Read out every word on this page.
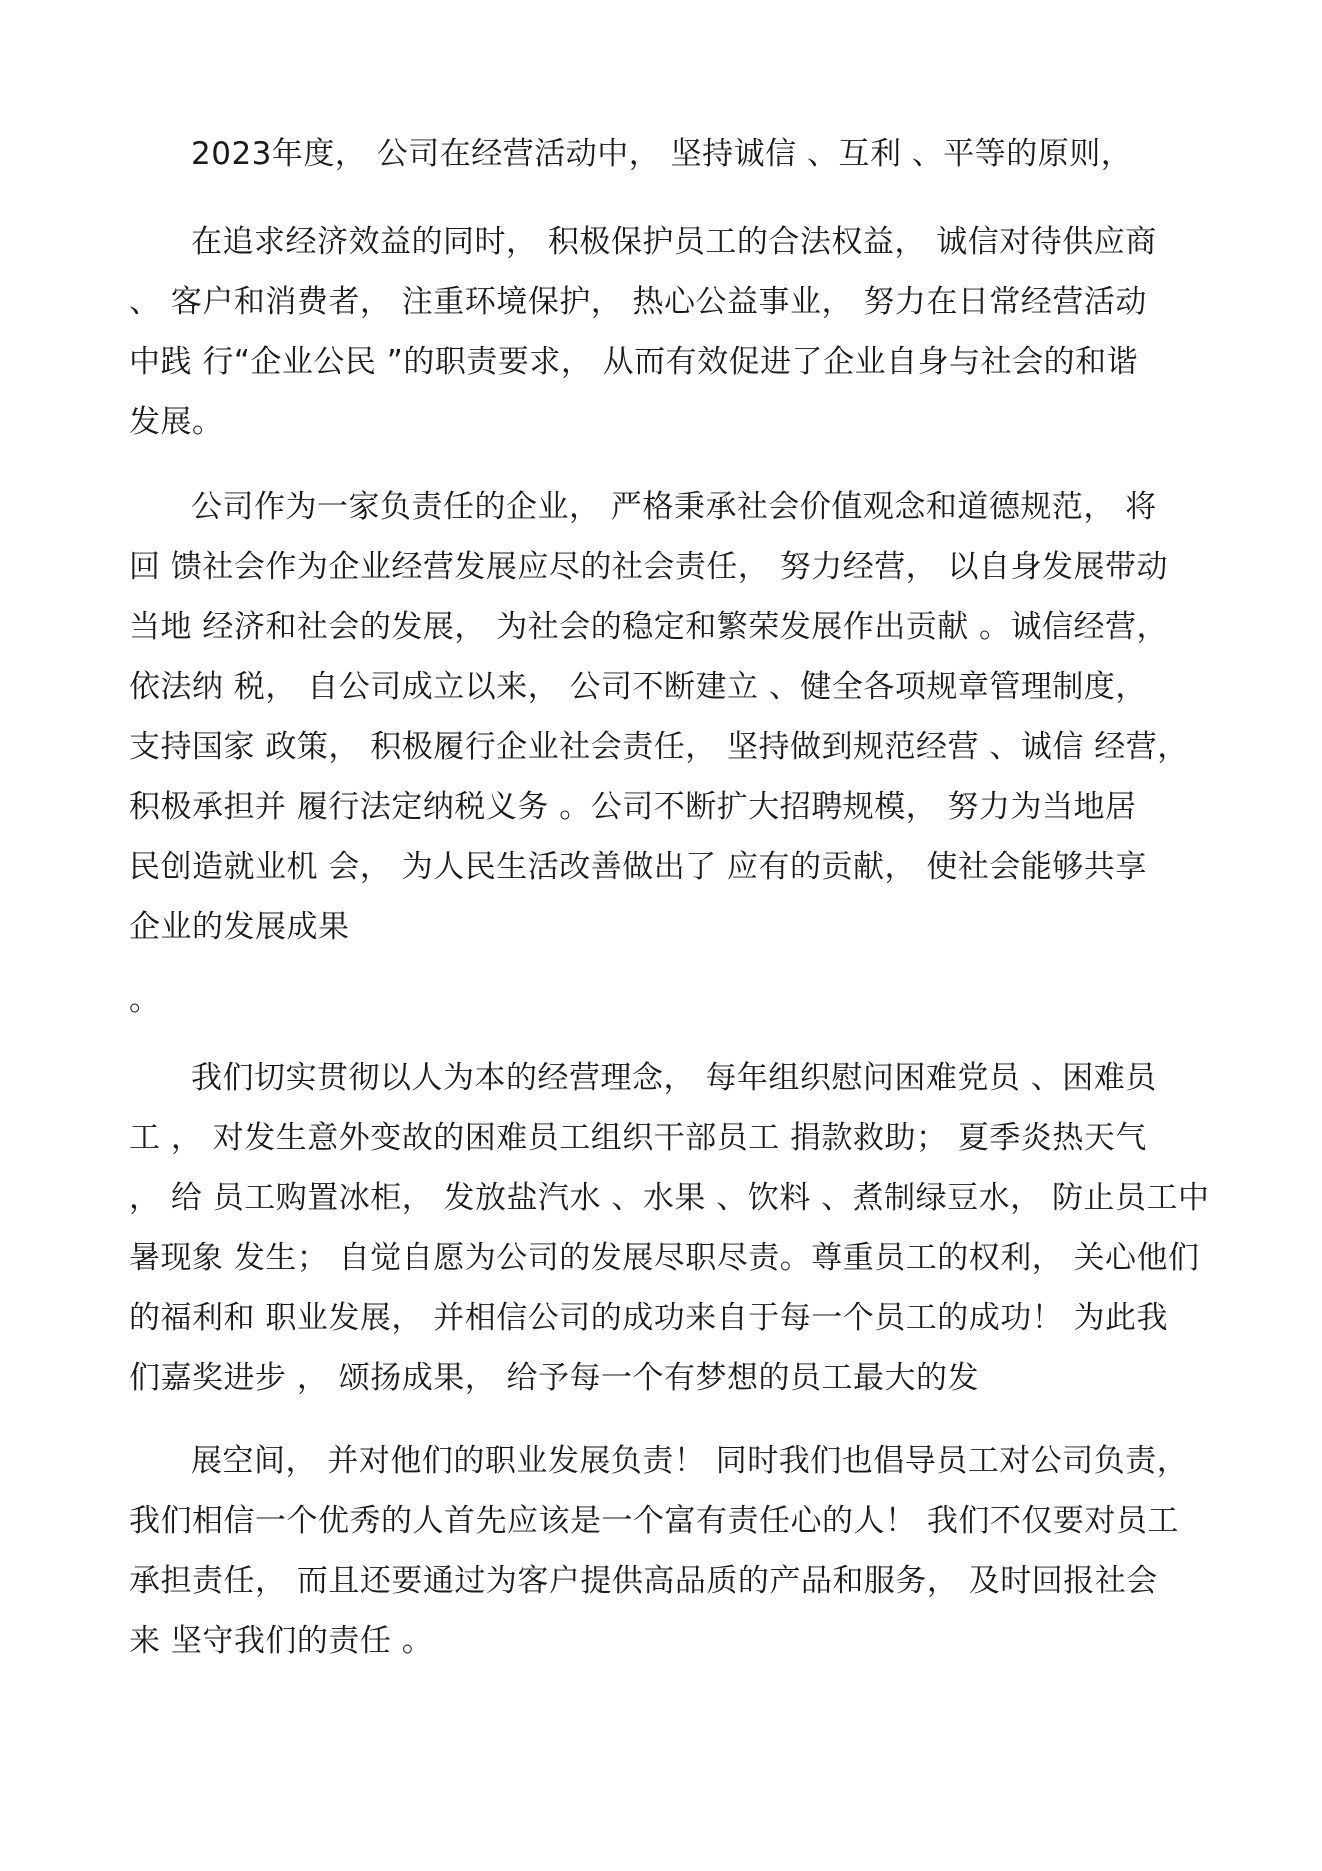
2023年度， 公司在经营活动中， 坚持诚信 、互利 、平等的原则，

在追求经济效益的同时， 积极保护员工的合法权益， 诚信对待供应商
、 客户和消费者， 注重环境保护， 热心公益事业， 努力在日常经营活动
中践 行“企业公民 ”的职责要求， 从而有效促进了企业自身与社会的和谐
发展。

公司作为一家负责任的企业， 严格秉承社会价值观念和道德规范， 将
回 馈社会作为企业经营发展应尽的社会责任， 努力经营， 以自身发展带动
当地 经济和社会的发展， 为社会的稳定和繁荣发展作出贡献 。诚信经营，
依法纳 税， 自公司成立以来， 公司不断建立 、健全各项规章管理制度，
支持国家 政策， 积极履行企业社会责任， 坚持做到规范经营 、诚信 经营，
积极承担并 履行法定纳税义务 。公司不断扩大招聘规模， 努力为当地居
民创造就业机 会， 为人民生活改善做出了 应有的贡献， 使社会能够共享
企业的发展成果

。

我们切实贯彻以人为本的经营理念， 每年组织慰问困难党员 、困难员
工 ， 对发生意外变故的困难员工组织干部员工 捐款救助； 夏季炎热天气
， 给 员工购置冰柜， 发放盐汽水 、水果 、饮料 、煮制绿豆水， 防止员工中
暑现象 发生； 自觉自愿为公司的发展尽职尽责。尊重员工的权利， 关心他们
的福利和 职业发展， 并相信公司的成功来自于每一个员工的成功！ 为此我
们嘉奖进步 ， 颂扬成果， 给予每一个有梦想的员工最大的发

展空间， 并对他们的职业发展负责！ 同时我们也倡导员工对公司负责，
我们相信一个优秀的人首先应该是一个富有责任心的人！ 我们不仅要对员工
承担责任， 而且还要通过为客户提供高品质的产品和服务， 及时回报社会
来 坚守我们的责任 。
